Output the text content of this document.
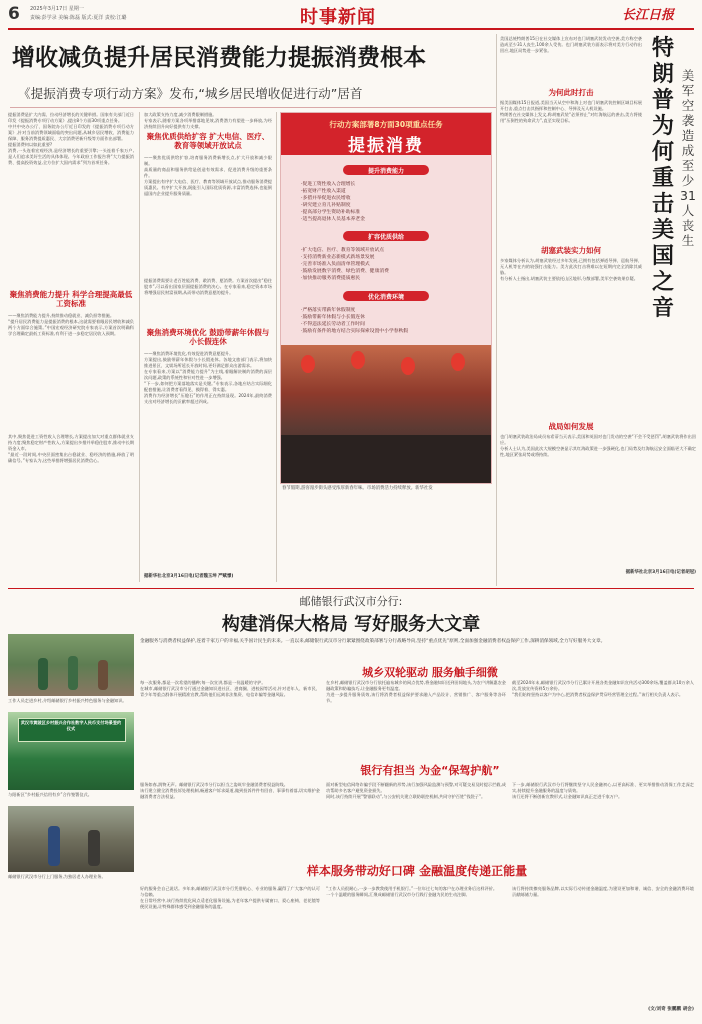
6 2025年3月17日 星期一
责编:彭学录 美编:陈磊 版式:夏洋 责校:江璐	时事新闻	长江日报
增收减负提升居民消费能力提振消费根本
《提振消费专项行动方案》发布,“城乡居民增收促进行动”居首
提振消费是扩大内需、拉动经济增长的关键举措。国家有关部门近日印发《提振消费专项行动方案》,提出8个方面30项重点任务。
中共中央办公厅、国务院办公厅近日印发的《提振消费专项行动方案》,针对当前消费领域面临的突出问题,从城乡居民增收、消费能力保障、服务消费提质惠民、大宗消费更新升级等方面作出部署。
提振消费何以如此重要?
消费,一头连着宏观经济,是经济增长的重要引擎;一头连着千家万户,是人们追求美好生活的具体体现。今年政府工作报告将“大力提振消费、提高投资效益,全方位扩大国内需求”列为首项任务。
聚焦消费能力提升 科学合理提高最低工资标准
——聚焦消费能力提升,持续推动稳就业、减负担等措施。
“提升居民消费能力是提振消费的根本,这就需要着眼居民增收和减负两个方面综合施策。”中国宏观经济研究院专家表示,方案首次明确科学合理确定最低工资标准,有利于进一步稳定居民收入预期。
其中,聚焦促进工资性收入合理增长,方案提出加大对重点群体就业支持力度;聚焦稳定财产性收入,方案提出多措并举稳住股市,推动中长期资金入市。
“最近一段时间,中央层面密集出台稳就业、稳经济的措施,释放了明确信号。”专家认为,这些举措将增强居民消费信心。
加大政策支持力度,减少消费限制措施。
专家表示,随着方案各项举措落地见效,消费潜力有望进一步释放,为经济持续回升向好提供有力支撑。
聚焦优质供给扩容 扩大电信、医疗、教育等领域开放试点
——聚焦优质供给扩容,培育服务消费新增长点,扩大开放和减少限制。
高质量的商品和服务供给是创造有效需求、促进消费升级的重要条件。
方案提出有序扩大电信、医疗、教育等领域开放试点,推动服务消费提质惠民。有序扩大开放,既能引入国际优质资源,丰富消费选择,也能倒逼国内企业提升服务质量。
提振消费需要让老百姓能消费、敢消费、愿消费。方案首次提出“稳住股市”,可以看出国家层面提振消费的决心。在专家看来,稳定资本市场将增强居民财富预期,从而带动消费意愿的提升。
聚焦消费环境优化 鼓励带薪年休假与小长假连休
——聚焦消费环境优化,有效促进消费意愿提升。
方案提出,鼓励带薪年休假与小长假连休。各地文旅部门表示,将加快推进景区、文娱场所延长开放时间,更好满足群众出游需求。
在专家看来,方案以“消费能力提升”为主线,着眼解决制约消费的深层次问题,政策的系统性和针对性进一步增强。
“下一步,如何把方案落地落实是关键。”专家表示,各地应结合实际细化配套措施,让消费者看得见、摸得着、得实惠。
消费作为经济增长“压舱石”的作用正在持续显现。2024年,最终消费支出对经济增长的贡献率超过四成。
据新华社北京3月16日电(记者魏玉坤 严赋憬)
行动方案部署8方面30项重点任务
提振消费
提升消费能力
·促进工资性收入合理增长
·拓宽财产性收入渠道
·多措并举促进农民增收
·研究建立育儿补贴制度
·提高部分学生资助补助标准
·适当提高退休人员基本养老金
扩容优质供给
·扩大电信、医疗、教育等领域开放试点
·支持消费新业态新模式新场景发展
·完善市场准入负面清单管理模式
·鼓励发展数字消费、绿色消费、健康消费
·加快推动服务消费提质惠民
优化消费环境
·严格落实带薪年休假制度
·鼓励带薪年休假与小长假连休
·不得违法延长劳动者工作时间
·鼓励有条件的地方结合实际探索设置中小学春秋假
春节假期,游客漫步街头感受浓厚新春年味。市场消费活力持续释放。新华社发
美国总统特朗普15日在社交媒体上宣布对也门胡塞武装发动空袭,美方称空袭造成至少31人丧生,100余人受伤。也门胡塞武装方面表示将对美方行动作出回应,地区局势进一步紧张。
为何此时打击
据美国媒体15日报道,美国当天从空中和海上对也门胡塞武装控制区域目标展开打击,重点打击其指挥和控制中心、导弹及无人机设施。
特朗普在社交媒体上发文,称胡塞武装“必须停止”对红海航运的袭击,美方将使用“压倒性的致命武力”,直至实现目标。
胡塞武装实力如何
多家媒体分析认为,胡塞武装经过多年发展,已拥有包括弹道导弹、巡航导弹、无人机等在内的较强打击能力。美方此次打击将难以在短期内完全消除其威胁。
有分析人士指出,胡塞武装主要依托山区地形,分散部署,美军空袭效果存疑。
战局如何发展
也门胡塞武装政治局成员布希蒂当天表示,美国和英国对也门发动的空袭“不会不受惩罚”,胡塞武装将作出回应。
分析人士认为,美国此次大规模空袭显示其红海政策进一步强硬化,也门局势及红海航运安全面临更大不确定性,地区紧张局势或将持续。
据新华社北京3月16日电(记者胡冠)
特朗普为何重击美国之音
美军空袭造成至少31人丧生
邮储银行武汉市分行:
构建消保大格局 写好服务大文章
金融服务与消费者权益保护,连着千家万户的幸福,关乎国计民生的未来。一直以来,邮储银行武汉市分行紧紧围绕政策部署与分行战略导向,坚持“重点优先”原则,全面加强金融消费者权益保护工作,深耕消保领域,全力写好服务大文章。
城乡双轮驱动 服务触手细微
工作人员走进乡村,介绍邮储银行乡村振兴特色服务与金融知识。
武汉市黄陂区乡村振兴合作社数字人民币支付场景签约仪式
与阳新区“乡村振兴信用有乡”合作签署仪式。
邮储银行武汉市分行上门服务,为独居老人办理业务。
每一次服务,都是一次希望的播种;每一次宣讲,都是一份温暖的守护。
在城市,邮储银行武汉市分行通过金融知识进社区、进商圈、进校园等活动,针对老年人、新市民、青少年等重点群体开展精准宣教,帮助他们远离非法集资、电信诈骗等金融风险。
在乡村,邮储银行武汉市分行依托遍布城乡的网点优势,将金融知识送到田间地头,为农户讲解惠农金融政策和防骗技巧,让金融服务更有温度。
为进一步提升服务质效,该行将消费者权益保护要求融入产品设计、营销推广、客户服务等各环节。
截至2024年末,邮储银行武汉市分行已累计开展各类金融知识宣传活动300余场,覆盖群众10万余人次,发放宣传资料5万余份。
“我们始终坚持以客户为中心,把消费者权益保护贯穿经营管理全过程。”该行相关负责人表示。
银行有担当 为金“保驾护航”
服务如春,润物无声。邮储银行武汉市分行以担当之姿筑牢金融消费者权益防线。
该行建立健全消费投诉处理机制,畅通客户诉求渠道,做到投诉件件有回音、事事有着落,切实维护金融消费者合法权益。
面对新型电信网络诈骗手段不断翻新的形势,该行加强风险监测与预警,对可疑交易及时提示拦截,成功帮助多名客户避免资金损失。
同时,该行持续开展“警银联动”,与公安机关建立联防联控机制,共同守护百姓“钱袋子”。
下一步,邮储银行武汉市分行将继续坚守人民金融初心,以更高标准、更实举措推动消保工作走深走实,持续提升金融服务的温度与质效。
该行还将不断创新宣教形式,让金融知识真正走进千家万户。
样本服务带动好口碑 金融温度传递正能量
好的服务会自己说话。多年来,邮储银行武汉市分行凭借贴心、专业的服务,赢得了广大客户的认可与信赖。
在日常经营中,该行持续优化网点适老化服务设施,为老年客户提供专属窗口、爱心座椅、老花镜等便民设施,让特殊群体感受到金融服务的温度。
“工作人员很耐心,一步一步教我使用手机银行。”一位年过七旬的客户在办理业务后这样评价。
一个个温暖的服务瞬间,汇聚成邮储银行武汉市分行践行金融为民的生动注脚。
该行将持续擦亮服务品牌,以实际行动传递金融温度,为建设更加和谐、诚信、安全的金融消费环境贡献邮储力量。
(文/刘奇 张鹏鹏 胡会)
